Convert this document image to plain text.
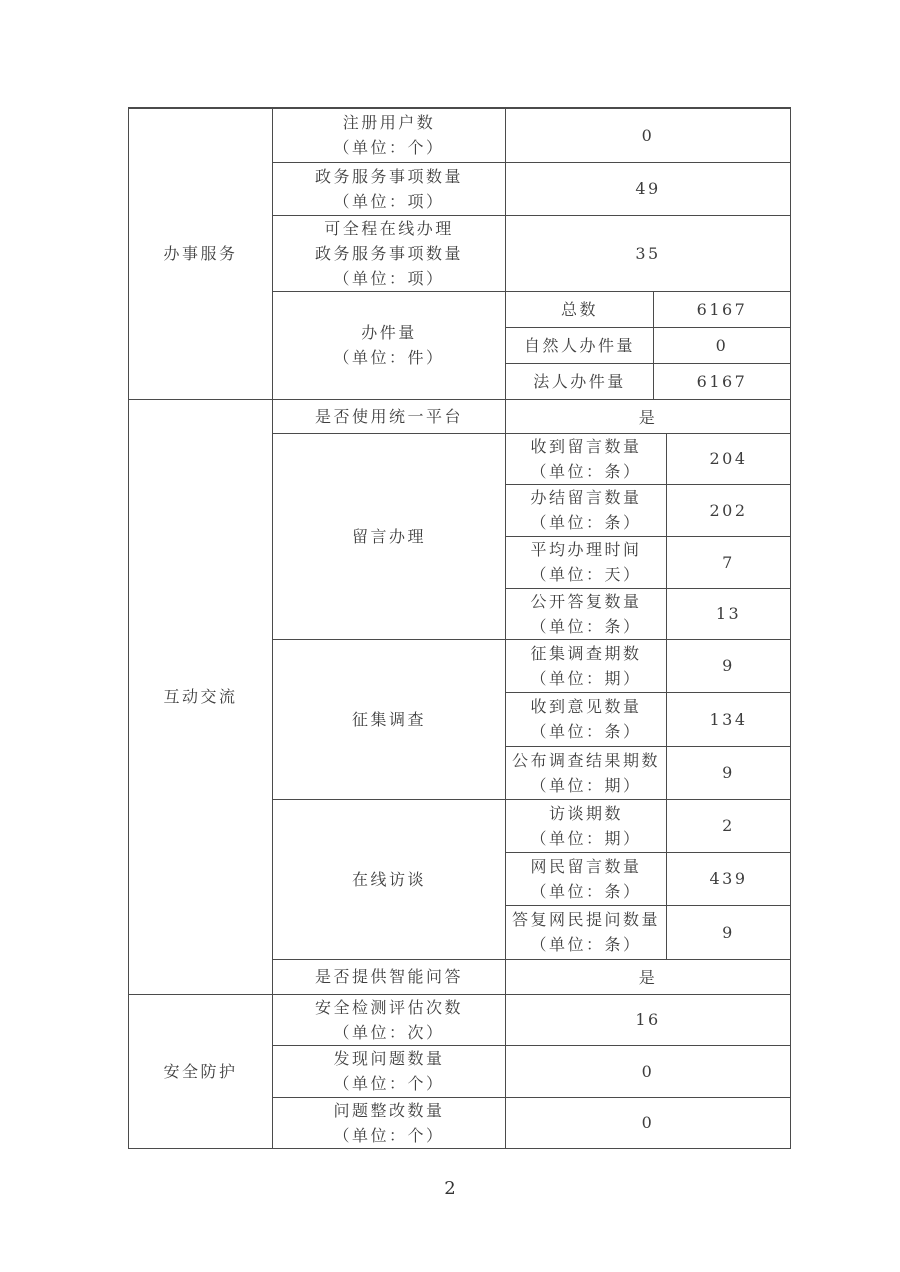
办事服务	注册用户数
（单位：个）	0		

	政务服务事项数量
（单位：项）	49		

	可全程在线办理
政务服务事项数量
（单位：项）	35		

	办件量
（单位：件）	总数	6167	

		自然人办件量	0	

		法人办件量	6167	

互动交流	是否使用统一平台	是		

	留言办理	收到留言数量
（单位：条）		204

		办结留言数量
（单位：条）		202

		平均办理时间
（单位：天）		7

		公开答复数量
（单位：条）		13

	征集调查	征集调查期数
（单位：期）		9

		收到意见数量
（单位：条）		134

		公布调查结果期数
（单位：期）		9

	在线访谈	访谈期数
（单位：期）		2

		网民留言数量
（单位：条）		439

		答复网民提问数量
（单位：条）		9

	是否提供智能问答	是		

安全防护	安全检测评估次数
（单位：次）	16		

	发现问题数量
（单位：个）	0		

	问题整改数量
（单位：个）	0		
2
